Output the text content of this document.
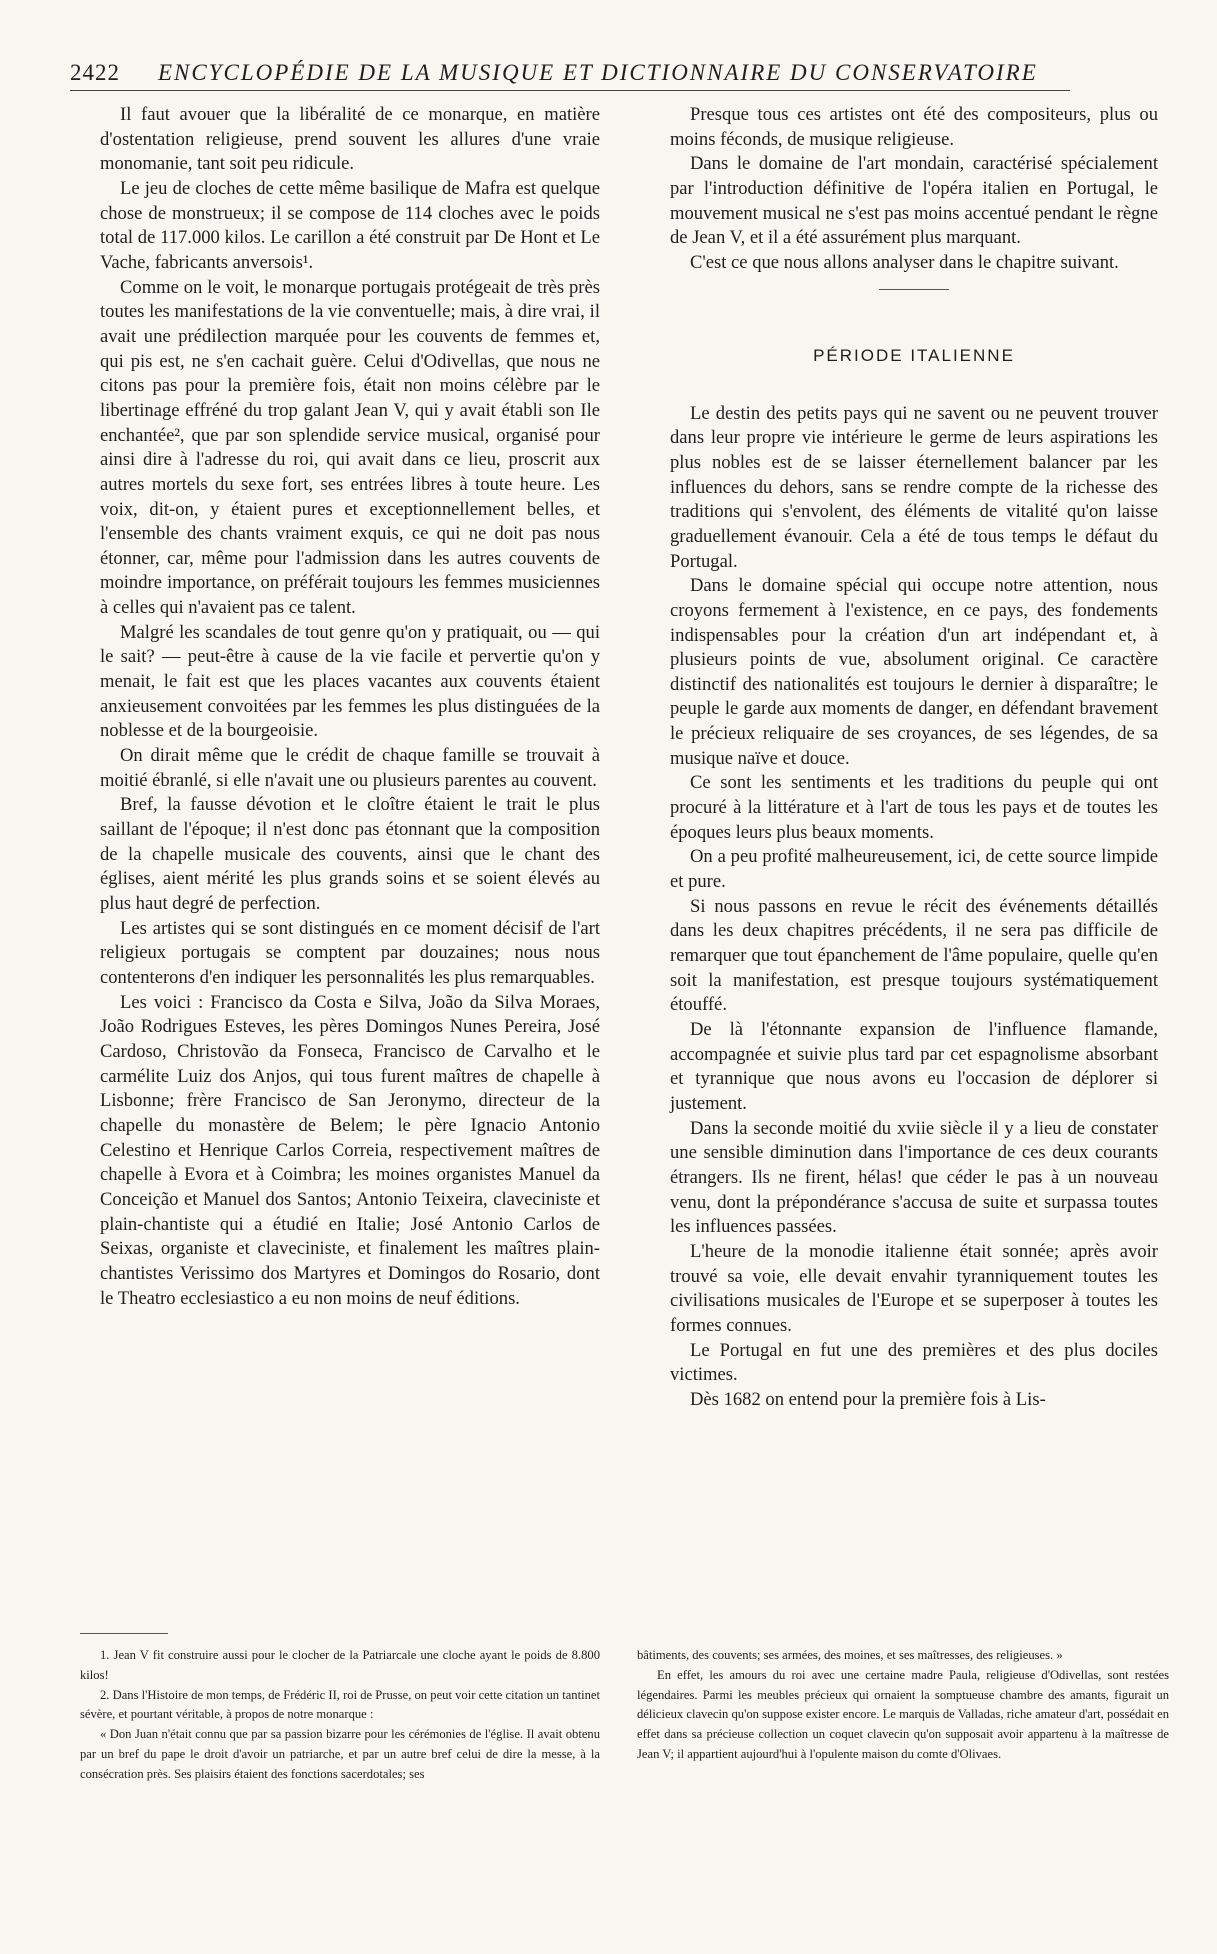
2422 ENCYCLOPÉDIE DE LA MUSIQUE ET DICTIONNAIRE DU CONSERVATOIRE

Il faut avouer que la libéralité de ce monarque, en matière d'ostentation religieuse, prend souvent les allures d'une vraie monomanie, tant soit peu ridicule.

Le jeu de cloches de cette même basilique de Mafra est quelque chose de monstrueux; il se compose de 114 cloches avec le poids total de 117.000 kilos. Le carillon a été construit par De Hont et Le Vache, fabricants anversois¹.

Comme on le voit, le monarque portugais protégeait de très près toutes les manifestations de la vie conventuelle; mais, à dire vrai, il avait une prédilection marquée pour les couvents de femmes et, qui pis est, ne s'en cachait guère. Celui d'Odivellas, que nous ne citons pas pour la première fois, était non moins célèbre par le libertinage effréné du trop galant Jean V, qui y avait établi son Ile enchantée², que par son splendide service musical, organisé pour ainsi dire à l'adresse du roi, qui avait dans ce lieu, proscrit aux autres mortels du sexe fort, ses entrées libres à toute heure. Les voix, dit-on, y étaient pures et exceptionnellement belles, et l'ensemble des chants vraiment exquis, ce qui ne doit pas nous étonner, car, même pour l'admission dans les autres couvents de moindre importance, on préférait toujours les femmes musiciennes à celles qui n'avaient pas ce talent.

Malgré les scandales de tout genre qu'on y pratiquait, ou — qui le sait? — peut-être à cause de la vie facile et pervertie qu'on y menait, le fait est que les places vacantes aux couvents étaient anxieusement convoitées par les femmes les plus distinguées de la noblesse et de la bourgeoisie.

On dirait même que le crédit de chaque famille se trouvait à moitié ébranlé, si elle n'avait une ou plusieurs parentes au couvent.

Bref, la fausse dévotion et le cloître étaient le trait le plus saillant de l'époque; il n'est donc pas étonnant que la composition de la chapelle musicale des couvents, ainsi que le chant des églises, aient mérité les plus grands soins et se soient élevés au plus haut degré de perfection.

Les artistes qui se sont distingués en ce moment décisif de l'art religieux portugais se comptent par douzaines; nous nous contenterons d'en indiquer les personnalités les plus remarquables.

Les voici : Francisco da Costa e Silva, João da Silva Moraes, João Rodrigues Esteves, les pères Domingos Nunes Pereira, José Cardoso, Christovão da Fonseca, Francisco de Carvalho et le carmélite Luiz dos Anjos, qui tous furent maîtres de chapelle à Lisbonne; frère Francisco de San Jeronymo, directeur de la chapelle du monastère de Belem; le père Ignacio Antonio Celestino et Henrique Carlos Correia, respectivement maîtres de chapelle à Evora et à Coimbra; les moines organistes Manuel da Conceição et Manuel dos Santos; Antonio Teixeira, claveciniste et plain-chantiste qui a étudié en Italie; José Antonio Carlos de Seixas, organiste et claveciniste, et finalement les maîtres plain-chantistes Verissimo dos Martyres et Domingos do Rosario, dont le Theatro ecclesiastico a eu non moins de neuf éditions.

Presque tous ces artistes ont été des compositeurs, plus ou moins féconds, de musique religieuse.

Dans le domaine de l'art mondain, caractérisé spécialement par l'introduction définitive de l'opéra italien en Portugal, le mouvement musical ne s'est pas moins accentué pendant le règne de Jean V, et il a été assurément plus marquant.

C'est ce que nous allons analyser dans le chapitre suivant.

PÉRIODE ITALIENNE

Le destin des petits pays qui ne savent ou ne peuvent trouver dans leur propre vie intérieure le germe de leurs aspirations les plus nobles est de se laisser éternellement balancer par les influences du dehors, sans se rendre compte de la richesse des traditions qui s'envolent, des éléments de vitalité qu'on laisse graduellement évanouir. Cela a été de tous temps le défaut du Portugal.

Dans le domaine spécial qui occupe notre attention, nous croyons fermement à l'existence, en ce pays, des fondements indispensables pour la création d'un art indépendant et, à plusieurs points de vue, absolument original. Ce caractère distinctif des nationalités est toujours le dernier à disparaître; le peuple le garde aux moments de danger, en défendant bravement le précieux reliquaire de ses croyances, de ses légendes, de sa musique naïve et douce.

Ce sont les sentiments et les traditions du peuple qui ont procuré à la littérature et à l'art de tous les pays et de toutes les époques leurs plus beaux moments.

On a peu profité malheureusement, ici, de cette source limpide et pure.

Si nous passons en revue le récit des événements détaillés dans les deux chapitres précédents, il ne sera pas difficile de remarquer que tout épanchement de l'âme populaire, quelle qu'en soit la manifestation, est presque toujours systématiquement étouffé.

De là l'étonnante expansion de l'influence flamande, accompagnée et suivie plus tard par cet espagnolisme absorbant et tyrannique que nous avons eu l'occasion de déplorer si justement.

Dans la seconde moitié du xviie siècle il y a lieu de constater une sensible diminution dans l'importance de ces deux courants étrangers. Ils ne firent, hélas! que céder le pas à un nouveau venu, dont la prépondérance s'accusa de suite et surpassa toutes les influences passées.

L'heure de la monodie italienne était sonnée; après avoir trouvé sa voie, elle devait envahir tyranniquement toutes les civilisations musicales de l'Europe et se superposer à toutes les formes connues.

Le Portugal en fut une des premières et des plus dociles victimes.

Dès 1682 on entend pour la première fois à Lis-

1. Jean V fit construire aussi pour le clocher de la Patriarcale une cloche ayant le poids de 8.800 kilos!

2. Dans l'Histoire de mon temps, de Frédéric II, roi de Prusse, on peut voir cette citation un tantinet sévère, et pourtant véritable, à propos de notre monarque :

« Don Juan n'était connu que par sa passion bizarre pour les cérémonies de l'église. Il avait obtenu par un bref du pape le droit d'avoir un patriarche, et par un autre bref celui de dire la messe, à la consécration près. Ses plaisirs étaient des fonctions sacerdotales; ses

bâtiments, des couvents; ses armées, des moines, et ses maîtresses, des religieuses. »

En effet, les amours du roi avec une certaine madre Paula, religieuse d'Odivellas, sont restées légendaires. Parmi les meubles précieux qui ornaient la somptueuse chambre des amants, figurait un délicieux clavecin qu'on suppose exister encore. Le marquis de Valladas, riche amateur d'art, possédait en effet dans sa précieuse collection un coquet clavecin qu'on supposait avoir appartenu à la maîtresse de Jean V; il appartient aujourd'hui à l'opulente maison du comte d'Olivaes.
